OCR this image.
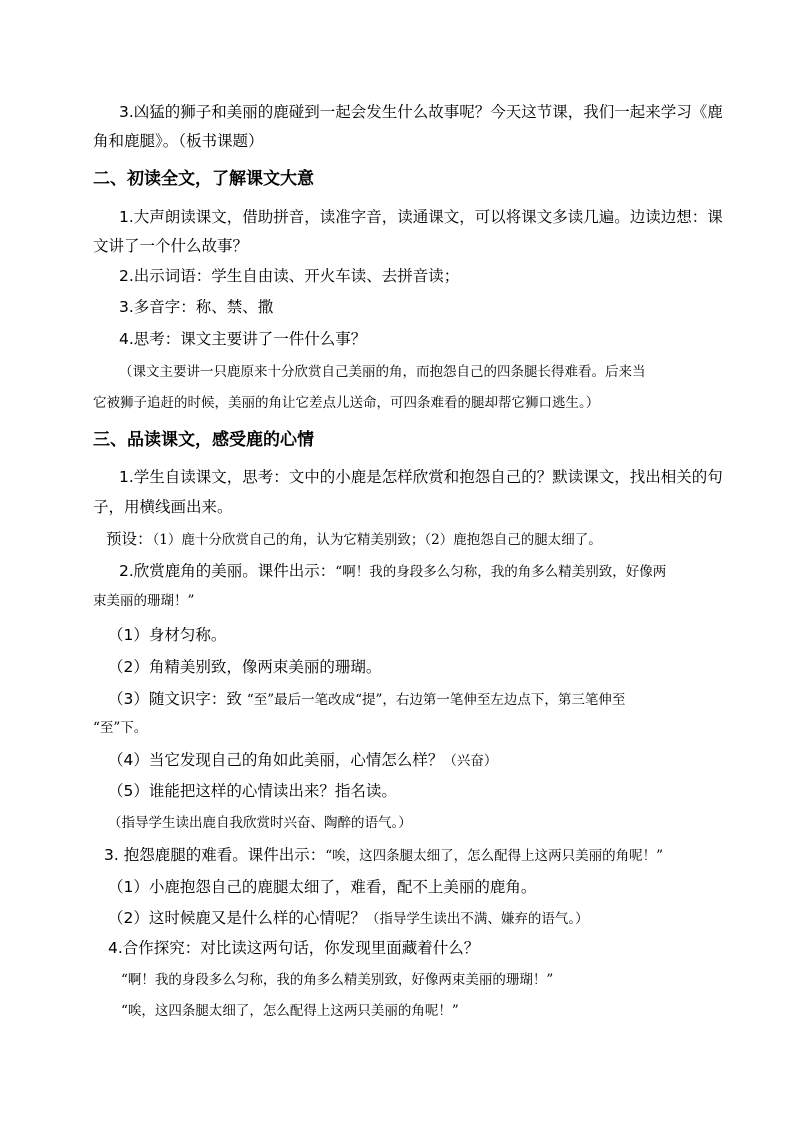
3.凶猛的狮子和美丽的鹿碰到一起会发生什么故事呢？今天这节课，我们一起来学习《鹿
角和鹿腿》。（板书课题）
二、初读全文，了解课文大意
1.大声朗读课文，借助拼音，读准字音，读通课文，可以将课文多读几遍。边读边想：课
文讲了一个什么故事？
2.出示词语：学生自由读、开火车读、去拼音读；
3.多音字：称、禁、撒
4.思考：课文主要讲了一件什么事？
（课文主要讲一只鹿原来十分欣赏自己美丽的角，而抱怨自己的四条腿长得难看。后来当
它被狮子追赶的时候，美丽的角让它差点儿送命，可四条难看的腿却帮它狮口逃生。）
三、品读课文，感受鹿的心情
1.学生自读课文，思考：文中的小鹿是怎样欣赏和抱怨自己的？默读课文，找出相关的句
子，用横线画出来。
预设：（1）鹿十分欣赏自己的角，认为它精美别致；（2）鹿抱怨自己的腿太细了。
2.欣赏鹿角的美丽。课件出示：“啊！我的身段多么匀称，我的角多么精美别致，好像两
束美丽的珊瑚！”
（1）身材匀称。
（2）角精美别致，像两束美丽的珊瑚。
（3）随文识字：致 “至”最后一笔改成“提”，右边第一笔伸至左边点下，第三笔伸至
“至”下。
（4）当它发现自己的角如此美丽，心情怎么样？（兴奋）
（5）谁能把这样的心情读出来？指名读。
（指导学生读出鹿自我欣赏时兴奋、陶醉的语气。）
3. 抱怨鹿腿的难看。课件出示：“唉，这四条腿太细了，怎么配得上这两只美丽的角呢！”
（1）小鹿抱怨自己的鹿腿太细了，难看，配不上美丽的鹿角。
（2）这时候鹿又是什么样的心情呢？（指导学生读出不满、嫌弃的语气。）
4.合作探究：对比读这两句话，你发现里面藏着什么？
“啊！我的身段多么匀称，我的角多么精美别致，好像两束美丽的珊瑚！”
“唉，这四条腿太细了，怎么配得上这两只美丽的角呢！”
